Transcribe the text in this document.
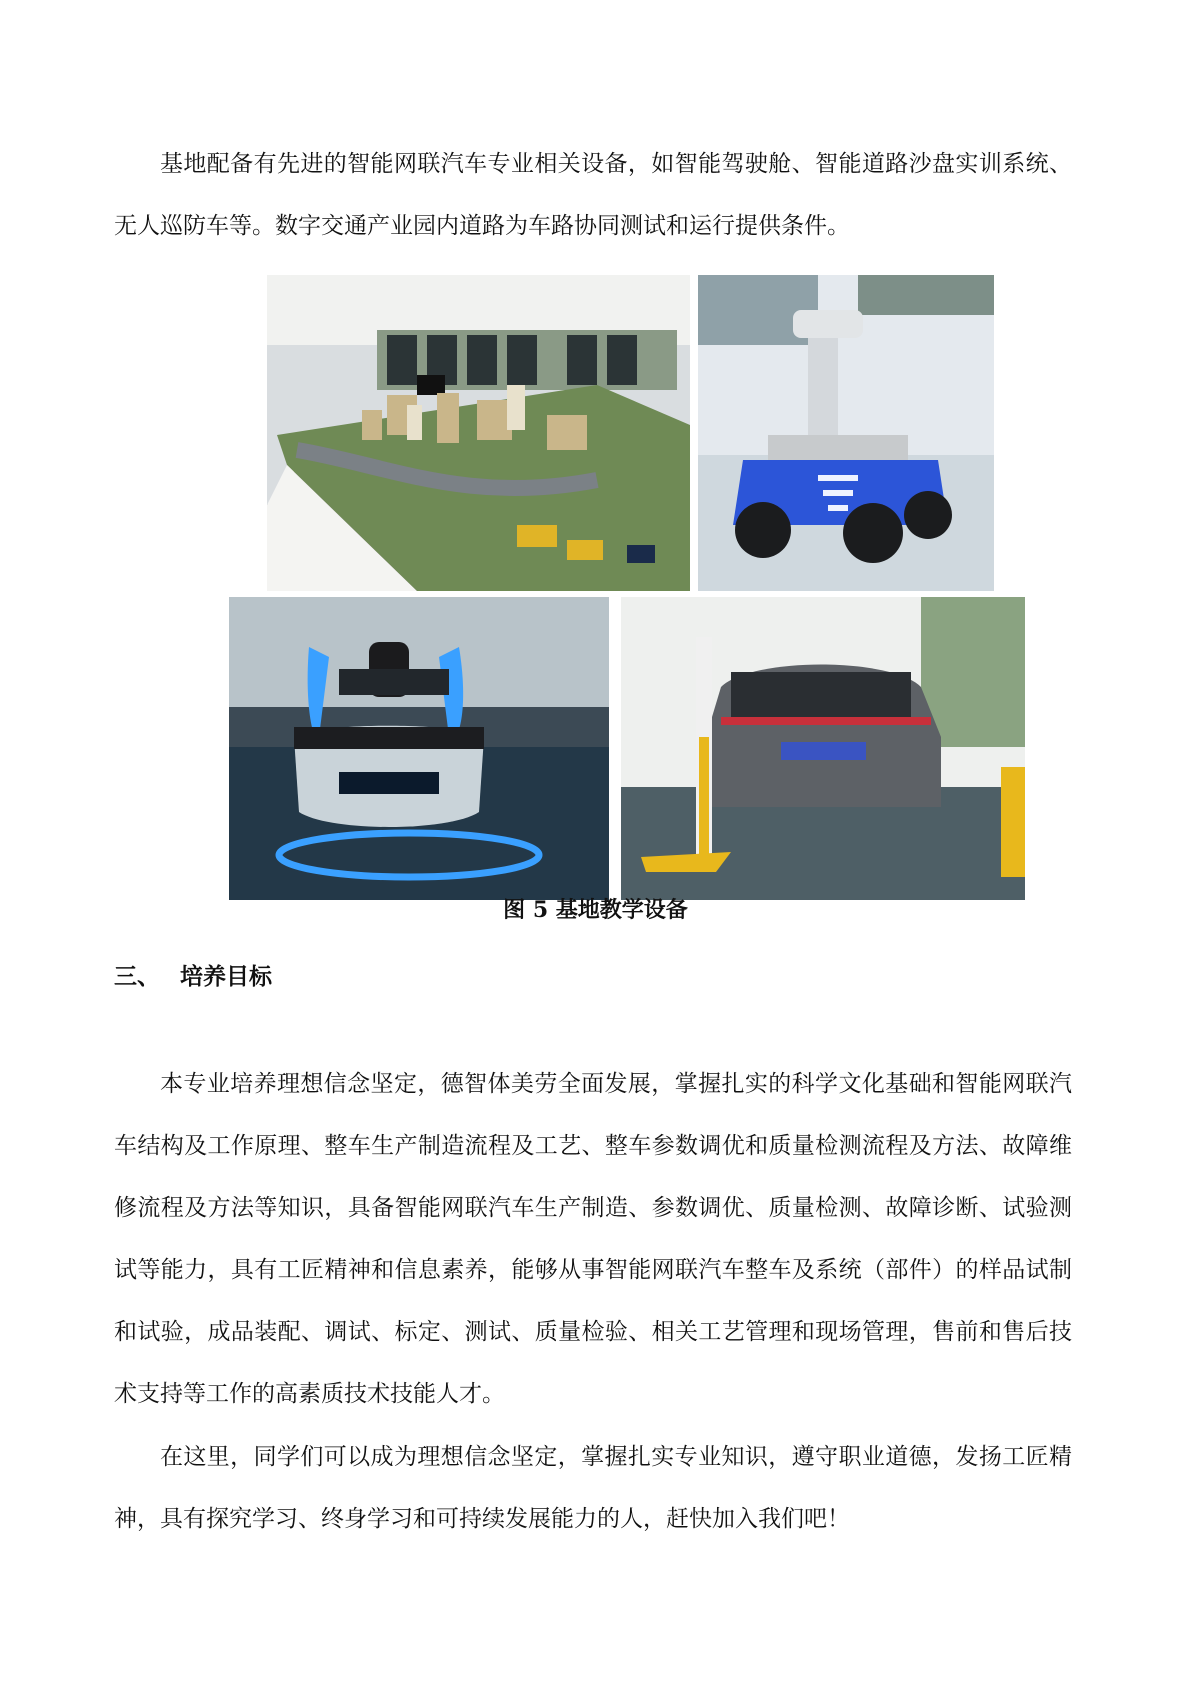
基地配备有先进的智能网联汽车专业相关设备，如智能驾驶舱、智能道路沙盘实训系统、无人巡防车等。数字交通产业园内道路为车路协同测试和运行提供条件。

图 5 基地教学设备
三、 培养目标

本专业培养理想信念坚定，德智体美劳全面发展，掌握扎实的科学文化基础和智能网联汽车结构及工作原理、整车生产制造流程及工艺、整车参数调优和质量检测流程及方法、故障维修流程及方法等知识，具备智能网联汽车生产制造、参数调优、质量检测、故障诊断、试验测试等能力，具有工匠精神和信息素养，能够从事智能网联汽车整车及系统（部件）的样品试制和试验，成品装配、调试、标定、测试、质量检验、相关工艺管理和现场管理，售前和售后技术支持等工作的高素质技术技能人才。

在这里，同学们可以成为理想信念坚定，掌握扎实专业知识，遵守职业道德，发扬工匠精神，具有探究学习、终身学习和可持续发展能力的人，赶快加入我们吧！
